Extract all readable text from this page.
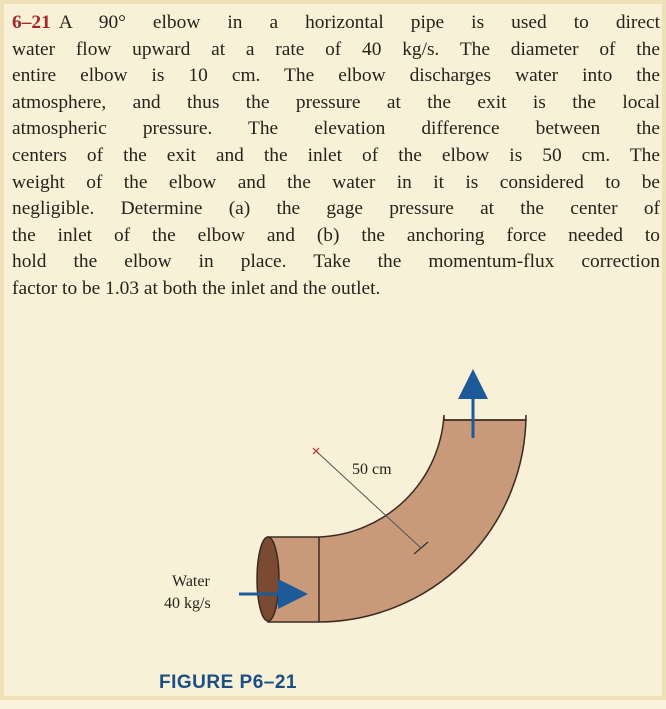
6–21 A 90° elbow in a horizontal pipe is used to direct
water flow upward at a rate of 40 kg/s. The diameter of the
entire elbow is 10 cm. The elbow discharges water into the
atmosphere, and thus the pressure at the exit is the local
atmospheric pressure. The elevation difference between the
centers of the exit and the inlet of the elbow is 50 cm. The
weight of the elbow and the water in it is considered to be
negligible. Determine (a) the gage pressure at the center of
the inlet of the elbow and (b) the anchoring force needed to
hold the elbow in place. Take the momentum-flux correction
factor to be 1.03 at both the inlet and the outlet.
50 cm
Water
40 kg/s
FIGURE P6–21
